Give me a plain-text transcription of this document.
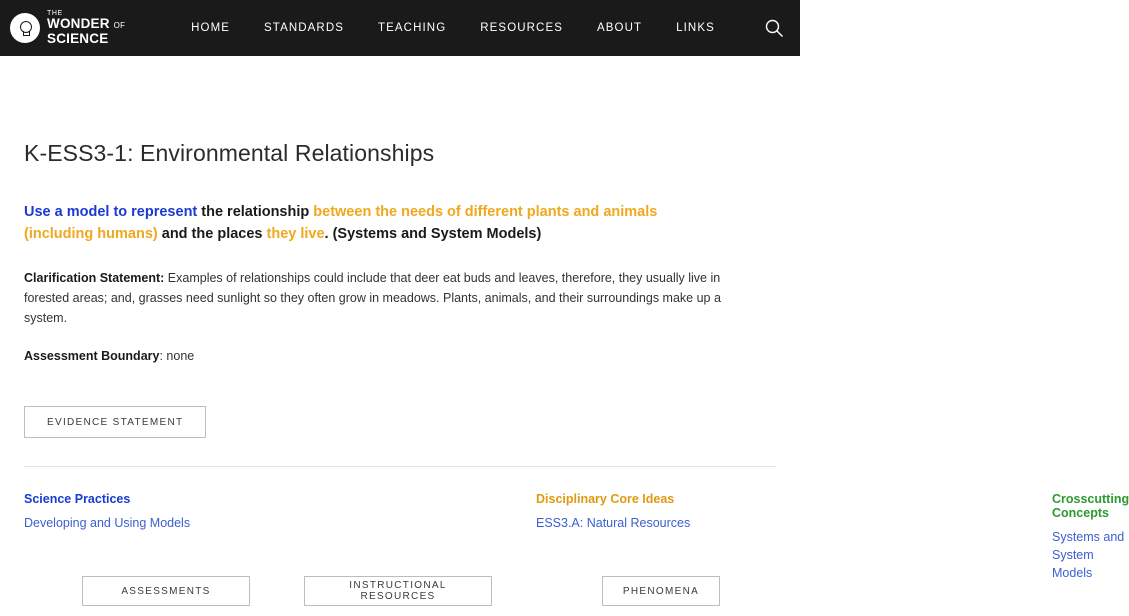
THE
WONDER OF
SCIENCE
HOME	STANDARDS	TEACHING	RESOURCES	ABOUT	LINKS
K-ESS3-1: Environmental Relationships

Use a model to represent the relationship between the needs of different plants and animals (including humans) and the places they live. (Systems and System Models)

Clarification Statement: Examples of relationships could include that deer eat buds and leaves, therefore, they usually live in forested areas; and, grasses need sunlight so they often grow in meadows. Plants, animals, and their surroundings make up a system.

Assessment Boundary: none

EVIDENCE STATEMENT
Science Practices
Developing and Using Models
Disciplinary Core Ideas
ESS3.A: Natural Resources
Crosscutting Concepts
Systems and System Models
ASSESSMENTS	INSTRUCTIONAL RESOURCES	PHENOMENA
